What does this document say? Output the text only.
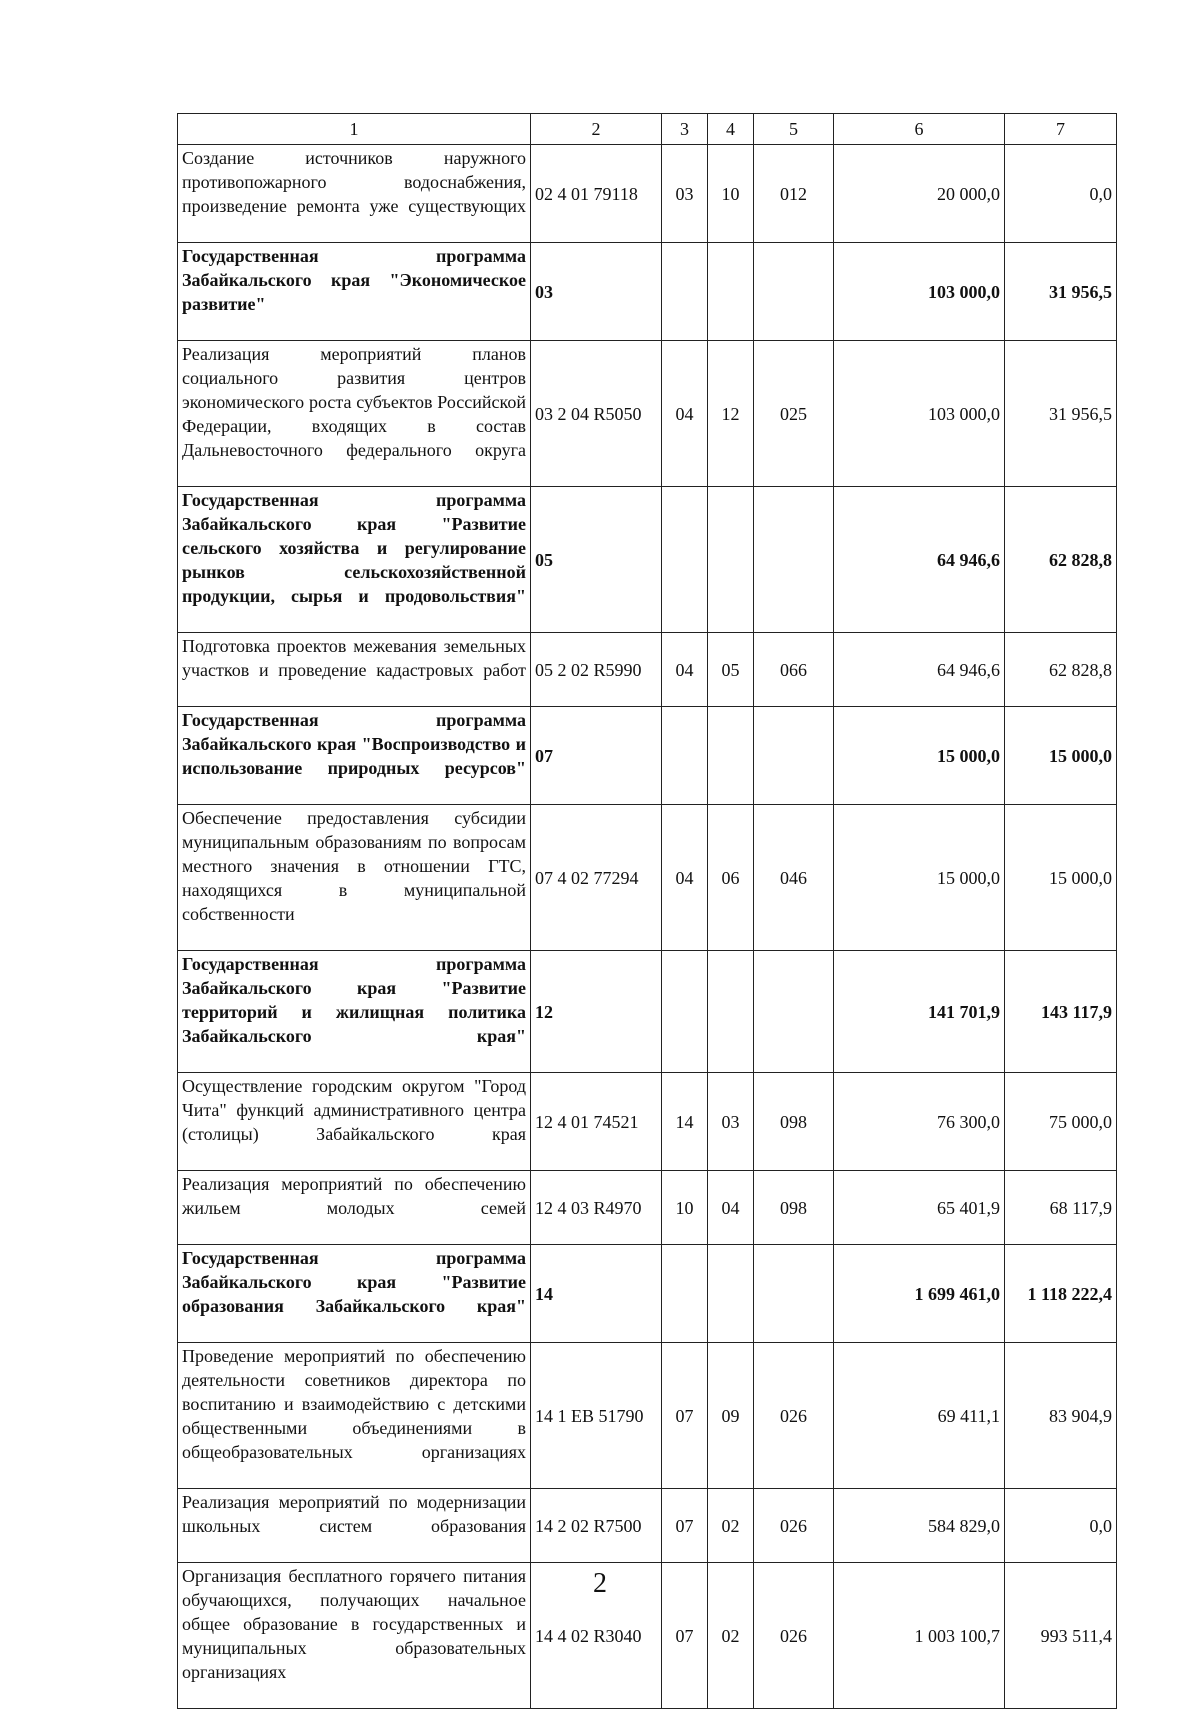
1	2	3	4	5	6	7

Создание источников наружного противопожарного водоснабжения, произведение ремонта уже существующих	02 4 01 79118	03	10	012	20 000,0	0,0

Государственная программа Забайкальского края "Экономическое развитие"	03				103 000,0	31 956,5

Реализация мероприятий планов социального развития центров экономического роста субъектов Российской Федерации, входящих в состав Дальневосточного федерального округа	03 2 04 R5050	04	12	025	103 000,0	31 956,5

Государственная программа Забайкальского края "Развитие сельского хозяйства и регулирование рынков сельскохозяйственной продукции, сырья и продовольствия"	05				64 946,6	62 828,8

Подготовка проектов межевания земельных участков и проведение кадастровых работ	05 2 02 R5990	04	05	066	64 946,6	62 828,8

Государственная программа Забайкальского края "Воспроизводство и использование природных ресурсов"	07				15 000,0	15 000,0

Обеспечение предоставления субсидии муниципальным образованиям по вопросам местного значения в отношении ГТС, находящихся в муниципальной собственности	07 4 02 77294	04	06	046	15 000,0	15 000,0

Государственная программа Забайкальского края "Развитие территорий и жилищная политика Забайкальского края"	12				141 701,9	143 117,9

Осуществление городским округом "Город Чита" функций административного центра (столицы) Забайкальского края	12 4 01 74521	14	03	098	76 300,0	75 000,0

Реализация мероприятий по обеспечению жильем молодых семей	12 4 03 R4970	10	04	098	65 401,9	68 117,9

Государственная программа Забайкальского края "Развитие образования Забайкальского края"	14				1 699 461,0	1 118 222,4

Проведение мероприятий по обеспечению деятельности советников директора по воспитанию и взаимодействию с детскими общественными объединениями в общеобразовательных организациях	14 1 EB 51790	07	09	026	69 411,1	83 904,9

Реализация мероприятий по модернизации школьных систем образования	14 2 02 R7500	07	02	026	584 829,0	0,0

Организация бесплатного горячего питания обучающихся, получающих начальное общее образование в государственных и муниципальных образовательных организациях	14 4 02 R3040	07	02	026	1 003 100,7	993 511,4
2
